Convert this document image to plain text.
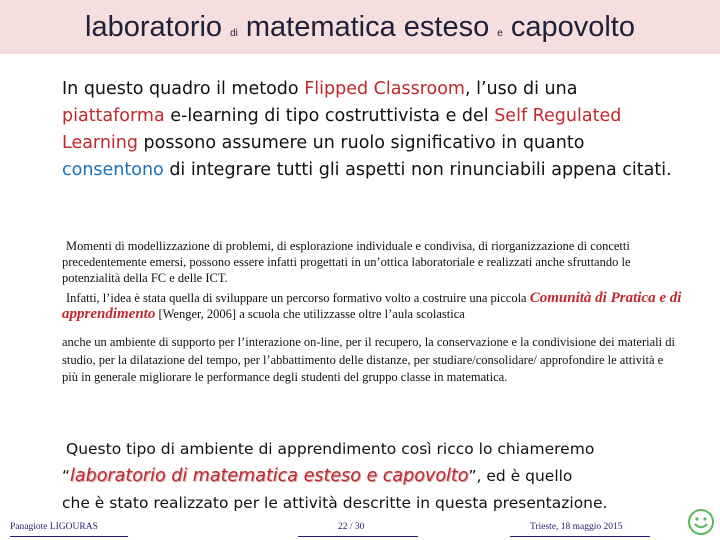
laboratorio di matematica esteso e capovolto
In questo quadro il metodo Flipped Classroom, l’uso di una piattaforma e-learning di tipo costruttivista e del Self Regulated Learning possono assumere un ruolo significativo in quanto consentono di integrare tutti gli aspetti non rinunciabili appena citati.
Momenti di modellizzazione di problemi, di esplorazione individuale e condivisa, di riorganizzazione di concetti precedentemente emersi, possono essere infatti progettati in un’ottica laboratoriale e realizzati anche sfruttando le potenzialità della FC e delle ICT.
Infatti, l’idea è stata quella di sviluppare un percorso formativo volto a costruire una piccola Comunità di Pratica e di apprendimento [Wenger, 2006] a scuola che utilizzasse oltre l’aula scolastica
anche un ambiente di supporto per l’interazione on-line, per il recupero, la conservazione e la condivisione dei materiali di studio, per la dilatazione del tempo, per l’abbattimento delle distanze, per studiare/consolidare/ approfondire le attività e più in generale migliorare le performance degli studenti del gruppo classe in matematica.
Questo tipo di ambiente di apprendimento così ricco lo chiameremo
“laboratorio di matematica esteso e capovolto”, ed è quello
che è stato realizzato per le attività descritte in questa presentazione.
Panagiote LIGOURAS	22 / 30	Trieste, 18 maggio 2015
